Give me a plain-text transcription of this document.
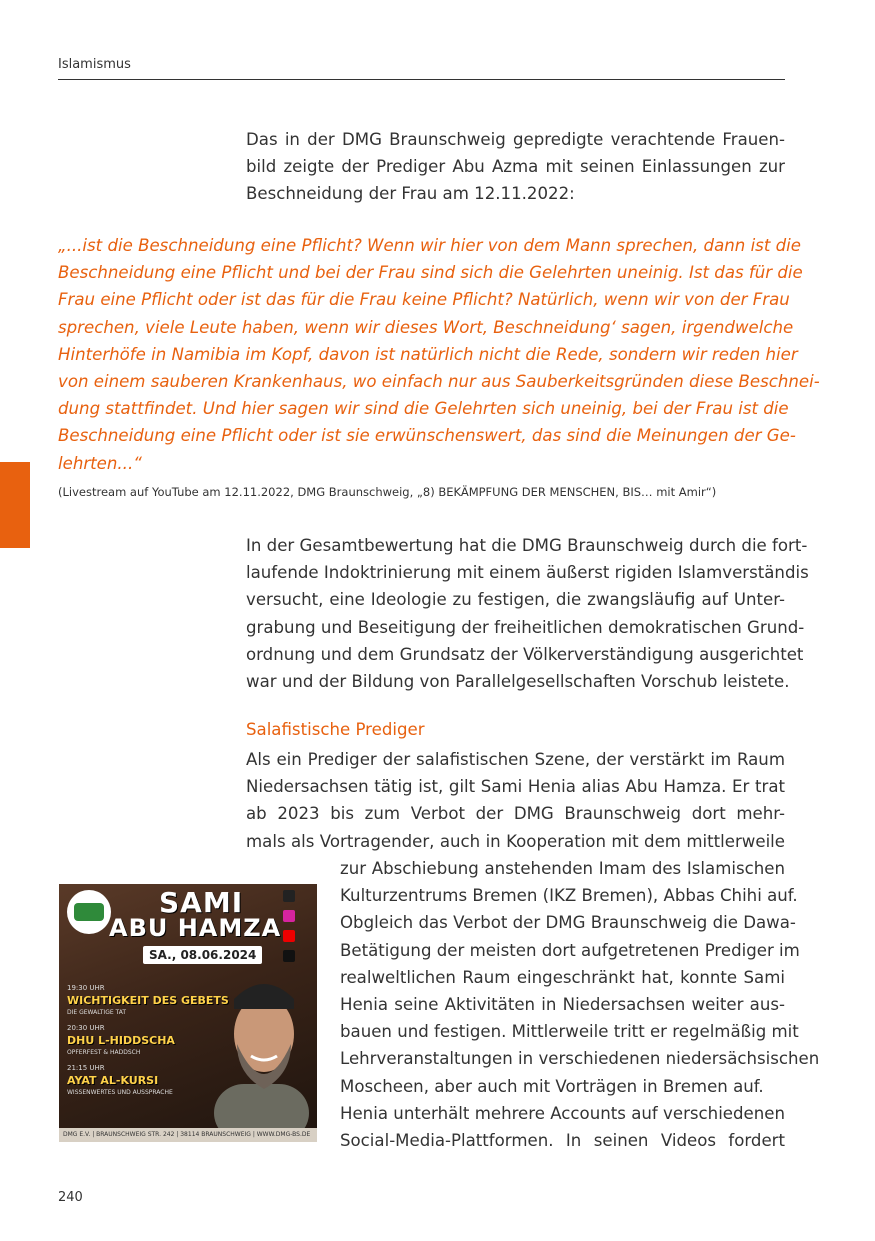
Islamismus
Das in der DMG Braunschweig gepredigte verachtende Frauen-
bild zeigte der Prediger Abu Azma mit seinen Einlassungen zur
Beschneidung der Frau am 12.11.2022:
„...ist die Beschneidung eine Pflicht? Wenn wir hier von dem Mann sprechen, dann ist die
Beschneidung eine Pflicht und bei der Frau sind sich die Gelehrten uneinig. Ist das für die
Frau eine Pflicht oder ist das für die Frau keine Pflicht? Natürlich, wenn wir von der Frau
sprechen, viele Leute haben, wenn wir dieses Wort, Beschneidung‘ sagen, irgendwelche
Hinterhöfe in Namibia im Kopf, davon ist natürlich nicht die Rede, sondern wir reden hier
von einem sauberen Krankenhaus, wo einfach nur aus Sauberkeitsgründen diese Beschnei-
dung stattfindet. Und hier sagen wir sind die Gelehrten sich uneinig, bei der Frau ist die
Beschneidung eine Pflicht oder ist sie erwünschenswert, das sind die Meinungen der Ge-
lehrten...“
(Livestream auf YouTube am 12.11.2022, DMG Braunschweig, „8) BEKÄMPFUNG DER MENSCHEN, BIS… mit Amir“)
In der Gesamtbewertung hat die DMG Braunschweig durch die fort-
laufende Indoktrinierung mit einem äußerst rigiden Islamverständis
versucht, eine Ideologie zu festigen, die zwangsläufig auf Unter-
grabung und Beseitigung der freiheitlichen demokratischen Grund-
ordnung und dem Grundsatz der Völkerverständigung ausgerichtet
war und der Bildung von Parallelgesellschaften Vorschub leistete.
Salafistische Prediger
Als ein Prediger der salafistischen Szene, der verstärkt im Raum
Niedersachsen tätig ist, gilt Sami Henia alias Abu Hamza. Er trat
ab 2023 bis zum Verbot der DMG Braunschweig dort mehr-
mals als Vortragender, auch in Kooperation mit dem mittlerweile
zur Abschiebung anstehenden Imam des Islamischen
Kulturzentrums Bremen (IKZ Bremen), Abbas Chihi auf.
Obgleich das Verbot der DMG Braunschweig die Dawa-
Betätigung der meisten dort aufgetretenen Prediger im
realweltlichen Raum eingeschränkt hat, konnte Sami
Henia seine Aktivitäten in Niedersachsen weiter aus-
bauen und festigen. Mittlerweile tritt er regelmäßig mit
Lehrveranstaltungen in verschiedenen niedersächsischen
Moscheen, aber auch mit Vorträgen in Bremen auf.
Henia unterhält mehrere Accounts auf verschiedenen
Social-Media-Plattformen. In seinen Videos fordert

SAMI
ABU HAMZA
SA., 08.06.2024
19:30 UHR
WICHTIGKEIT DES GEBETS
DIE GEWALTIGE TAT
20:30 UHR
DHU L-HIDDSCHA
OPFERFEST & HADDSCH
21:15 UHR
AYAT AL-KURSI
WISSENWERTES UND AUSSPRACHE
DMG E.V. | BRAUNSCHWEIG STR. 242 | 38114 BRAUNSCHWEIG | WWW.DMG-BS.DE
240
